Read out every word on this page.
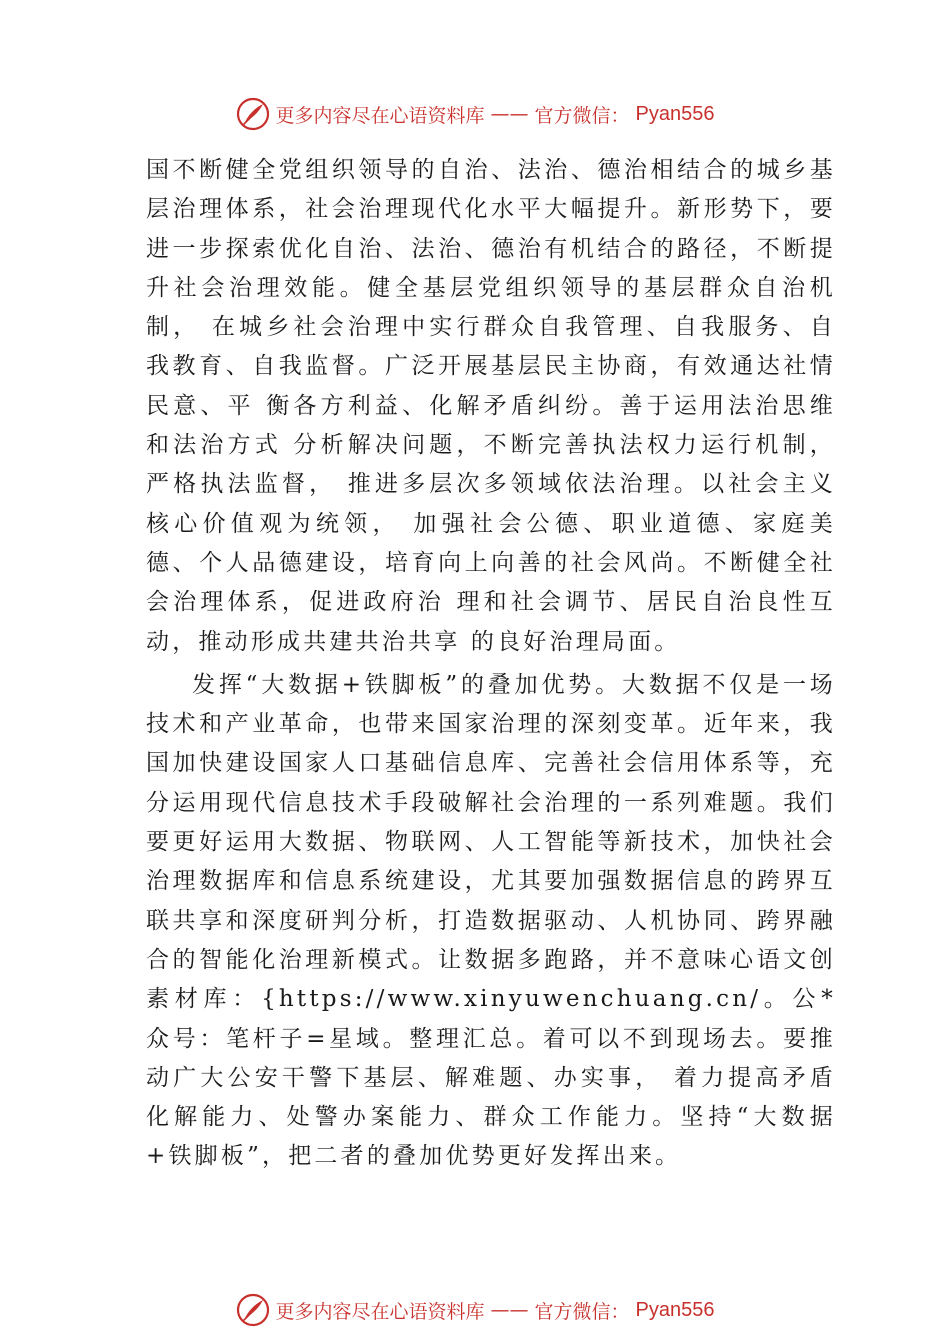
更多内容尽在心语资料库 —— 官方微信： Pyan556

国不断健全党组织领导的自治、法治、德治相结合的城乡基层治理体系，社会治理现代化水平大幅提升。新形势下，要 进一步探索优化自治、法治、德治有机结合的路径，不断提 升社会治理效能。健全基层党组织领导的基层群众自治机制， 在城乡社会治理中实行群众自我管理、自我服务、自我教育、自我监督。广泛开展基层民主协商，有效通达社情民意、平 衡各方利益、化解矛盾纠纷。善于运用法治思维和法治方式 分析解决问题，不断完善执法权力运行机制，严格执法监督， 推进多层次多领域依法治理。以社会主义核心价值观为统领， 加强社会公德、职业道德、家庭美德、个人品德建设，培育向上向善的社会风尚。不断健全社会治理体系，促进政府治 理和社会调节、居民自治良性互动，推动形成共建共治共享 的良好治理局面。

发挥“大数据+铁脚板”的叠加优势。大数据不仅是一场技术和产业革命，也带来国家治理的深刻变革。近年来，我国加快建设国家人口基础信息库、完善社会信用体系等，充分运用现代信息技术手段破解社会治理的一系列难题。我们要更好运用大数据、物联网、人工智能等新技术，加快社会治理数据库和信息系统建设，尤其要加强数据信息的跨界互联共享和深度研判分析，打造数据驱动、人机协同、跨界融合的智能化治理新模式。让数据多跑路，并不意味心语文创素材库：{https://www.xinyuwenchuang.cn/。公*众号：笔杆子=星域。整理汇总。着可以不到现场去。要推动广大公安干警下基层、解难题、办实事， 着力提高矛盾化解能力、处警办案能力、群众工作能力。坚持“大数据+铁脚板”，把二者的叠加优势更好发挥出来。

更多内容尽在心语资料库 —— 官方微信： Pyan556
